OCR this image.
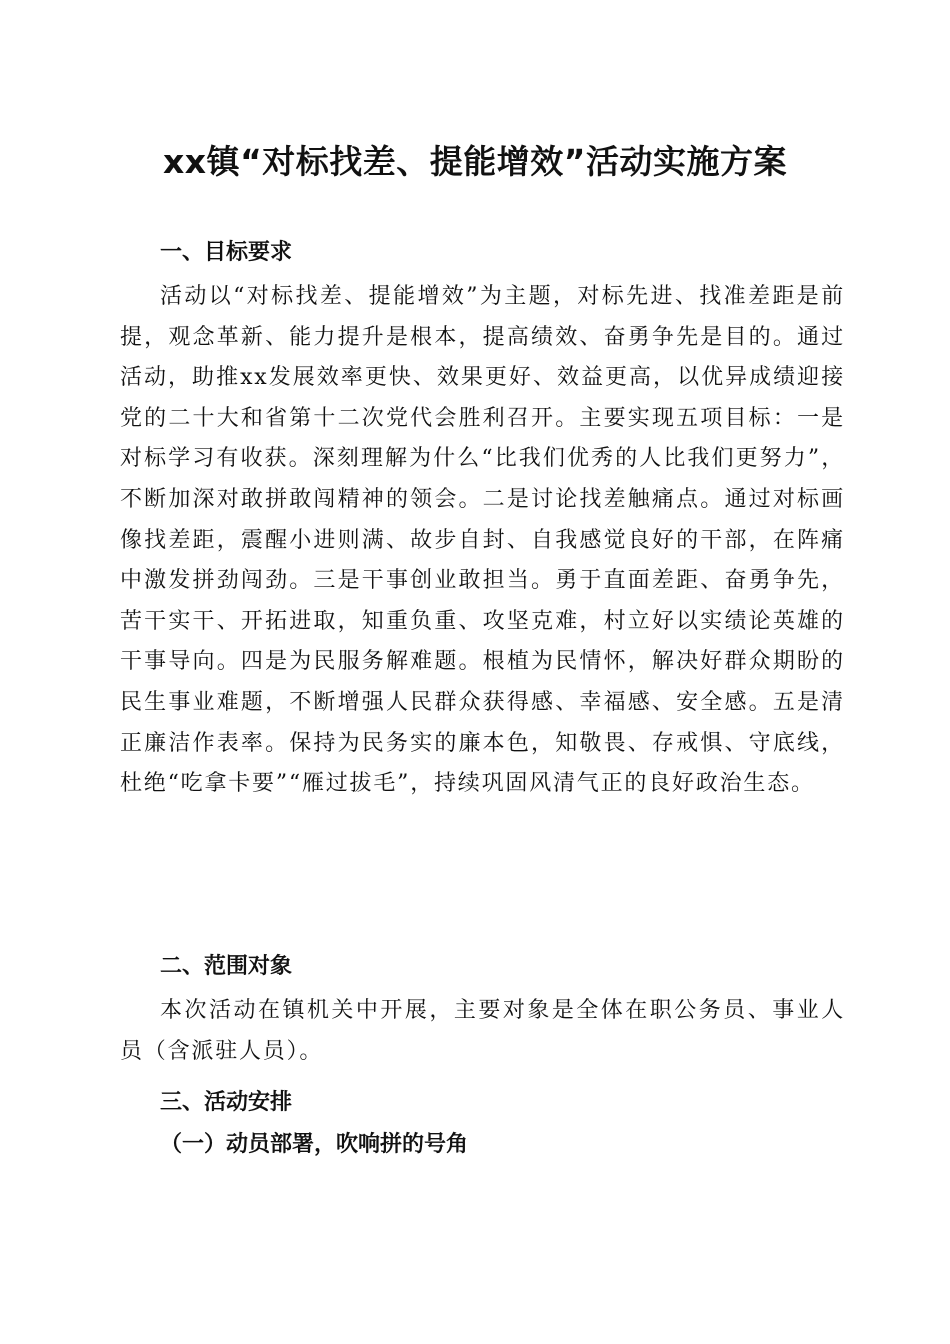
xx镇“对标找差、提能增效”活动实施方案
一、目标要求

活动以“对标找差、提能增效”为主题，对标先进、找准差距是前提，观念革新、能力提升是根本，提高绩效、奋勇争先是目的。通过活动，助推xx发展效率更快、效果更好、效益更高，以优异成绩迎接党的二十大和省第十二次党代会胜利召开。主要实现五项目标：一是对标学习有收获。深刻理解为什么“比我们优秀的人比我们更努力”，不断加深对敢拼敢闯精神的领会。二是讨论找差触痛点。通过对标画像找差距，震醒小进则满、故步自封、自我感觉良好的干部，在阵痛中激发拼劲闯劲。三是干事创业敢担当。勇于直面差距、奋勇争先，苦干实干、开拓进取，知重负重、攻坚克难，村立好以实绩论英雄的干事导向。四是为民服务解难题。根植为民情怀，解决好群众期盼的民生事业难题，不断增强人民群众获得感、幸福感、安全感。五是清正廉洁作表率。保持为民务实的廉本色，知敬畏、存戒惧、守底线，杜绝“吃拿卡要”“雁过拔毛”，持续巩固风清气正的良好政治生态。

二、范围对象

本次活动在镇机关中开展，主要对象是全体在职公务员、事业人员（含派驻人员）。

三、活动安排
（一）动员部署，吹响拼的号角
